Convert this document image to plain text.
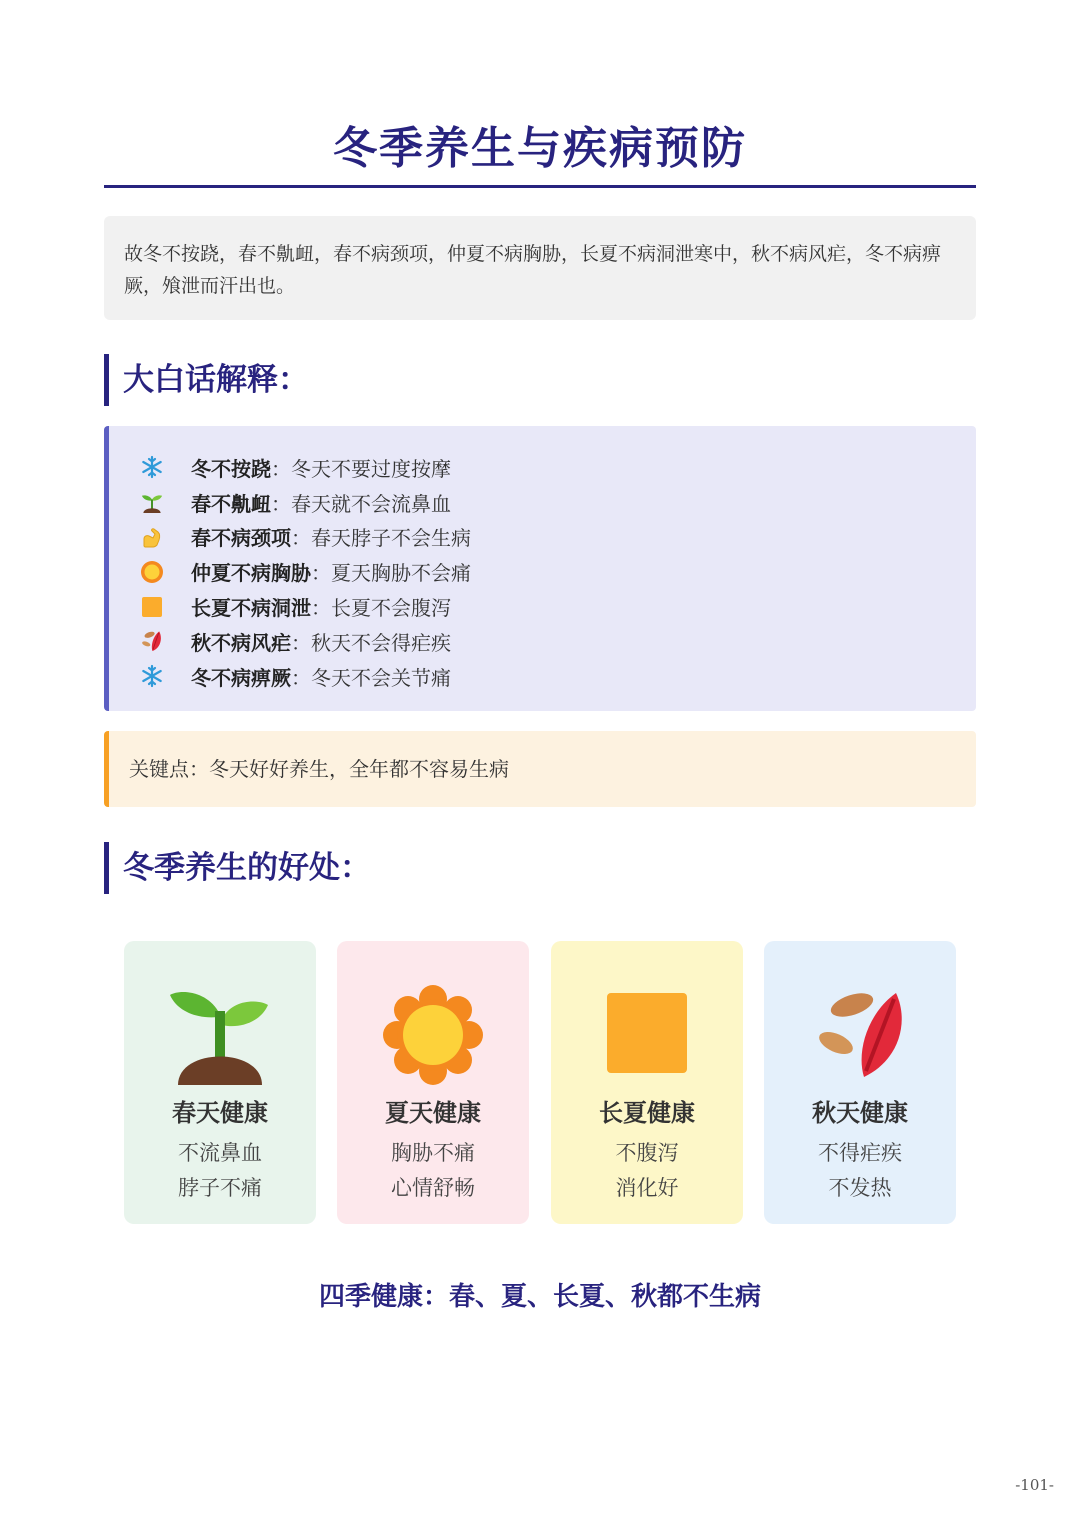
冬季养生与疾病预防
故冬不按跷，春不鼽衄，春不病颈项，仲夏不病胸胁，长夏不病洞泄寒中，秋不病风疟，冬不病痹厥，飧泄而汗出也。
大白话解释：
冬不按跷：冬天不要过度按摩
春不鼽衄：春天就不会流鼻血
春不病颈项：春天脖子不会生病
仲夏不病胸胁：夏天胸胁不会痛
长夏不病洞泄：长夏不会腹泻
秋不病风疟：秋天不会得疟疾
冬不病痹厥：冬天不会关节痛
关键点：冬天好好养生，全年都不容易生病
冬季养生的好处：
春天健康
不流鼻血
脖子不痛
夏天健康
胸胁不痛
心情舒畅
长夏健康
不腹泻
消化好
秋天健康
不得疟疾
不发热
四季健康：春、夏、长夏、秋都不生病
-101-
